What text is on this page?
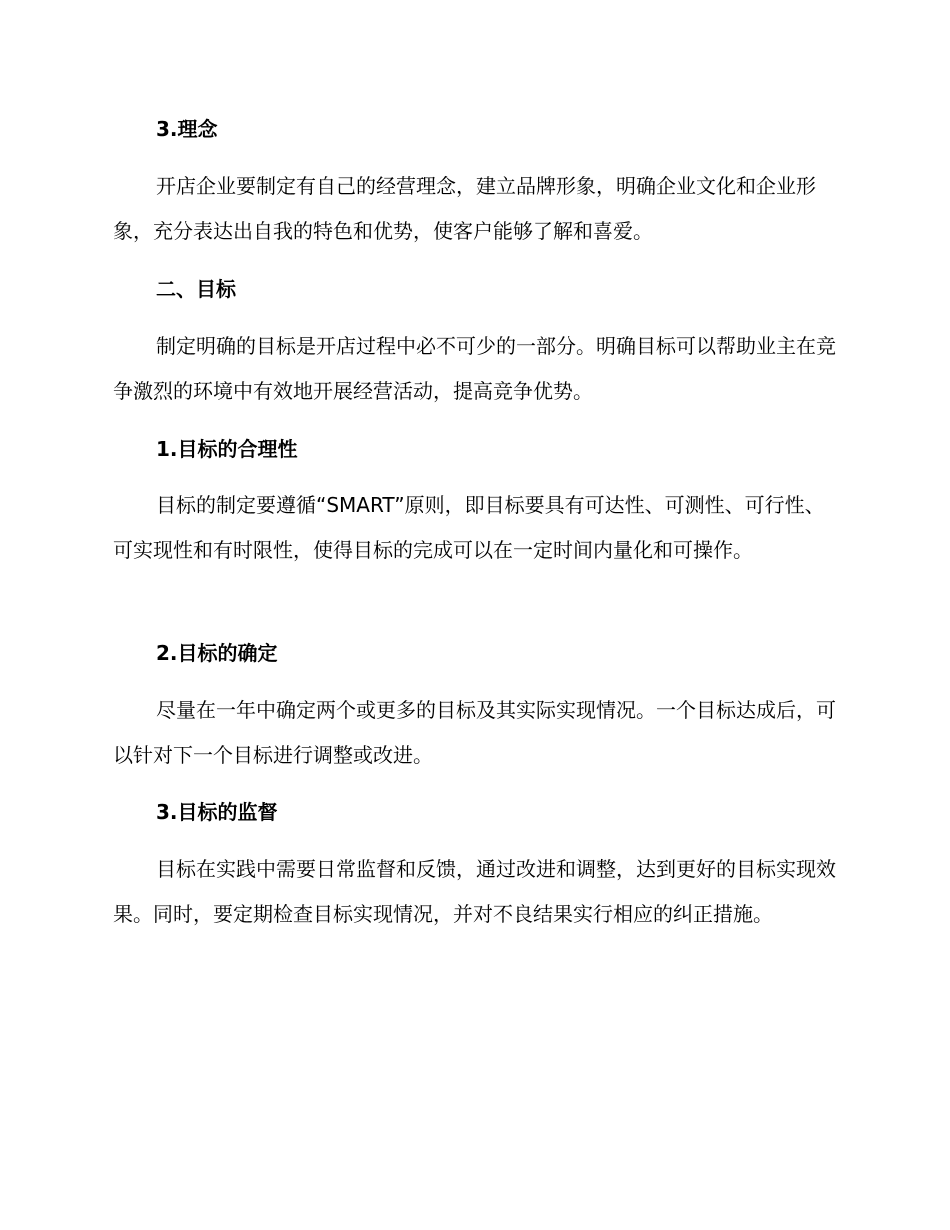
3.理念

开店企业要制定有自己的经营理念，建立品牌形象，明确企业文化和企业形象，充分表达出自我的特色和优势，使客户能够了解和喜爱。

二、目标

制定明确的目标是开店过程中必不可少的一部分。明确目标可以帮助业主在竞争激烈的环境中有效地开展经营活动，提高竞争优势。

1.目标的合理性

目标的制定要遵循“SMART”原则，即目标要具有可达性、可测性、可行性、可实现性和有时限性，使得目标的完成可以在一定时间内量化和可操作。

2.目标的确定

尽量在一年中确定两个或更多的目标及其实际实现情况。一个目标达成后，可以针对下一个目标进行调整或改进。

3.目标的监督

目标在实践中需要日常监督和反馈，通过改进和调整，达到更好的目标实现效果。同时，要定期检查目标实现情况，并对不良结果实行相应的纠正措施。
